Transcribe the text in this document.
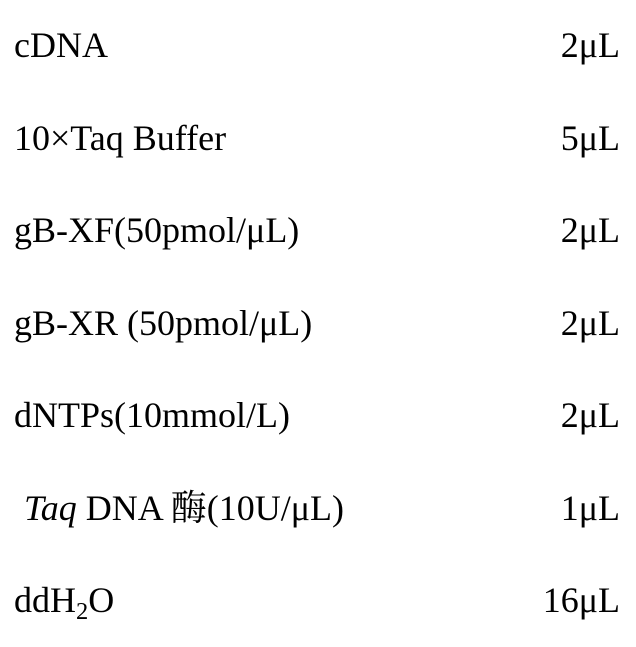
cDNA	2μL
10×Taq Buffer	5μL
gB-XF(50pmol/μL)	2μL
gB-XR (50pmol/μL)	2μL
dNTPs(10mmol/L)	2μL
Taq DNA 酶(10U/μL)	1μL
ddH$_2$O	16μL
